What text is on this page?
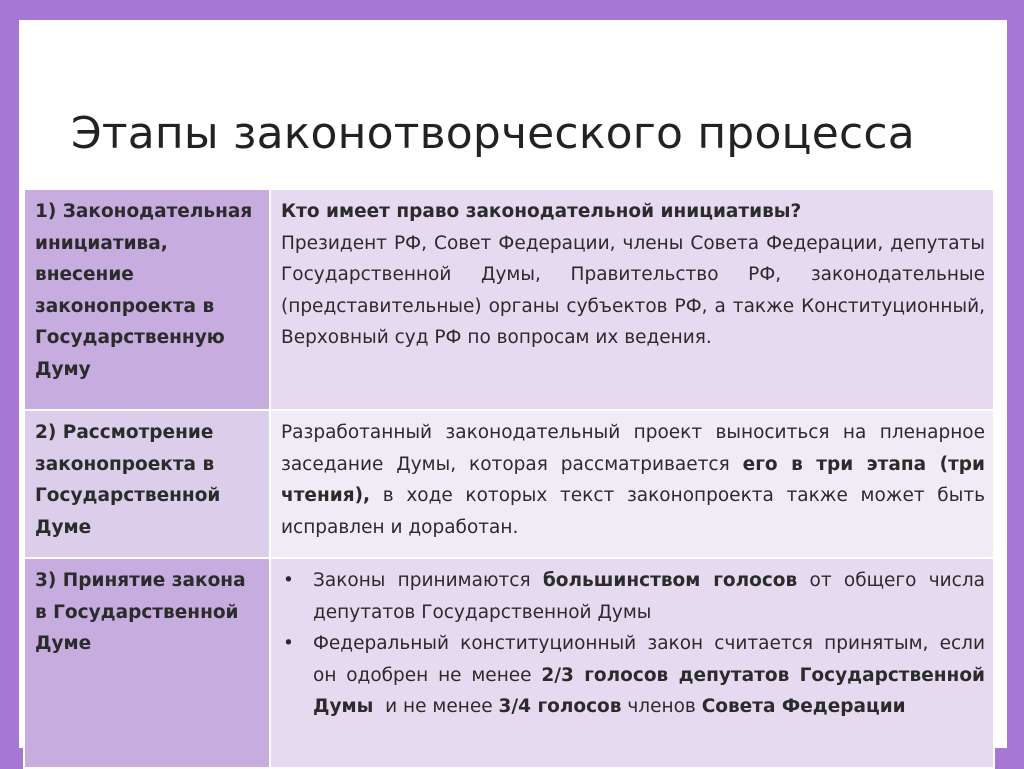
Этапы законотворческого процесса
1) Законодательная инициатива, внесение законопроекта в Государственную Думу	Кто имеет право законодательной инициативы?
Президент РФ, Совет Федерации, члены Совета Федерации, депутаты Государственной Думы, Правительство РФ, законодательные (представительные) органы субъектов РФ, а также Конституционный, Верховный суд РФ по вопросам их ведения.

2) Рассмотрение законопроекта в Государственной Думе	Разработанный законодательный проект выноситься на пленарное заседание Думы, которая рассматривается его в три этапа (три чтения), в ходе которых текст законопроекта также может быть исправлен и доработан.
3) Принятие закона в Государственной Думе	• Законы принимаются большинством голосов от общего числа депутатов Государственной Думы
• Федеральный конституционный закон считается принятым, если он одобрен не менее 2/3 голосов депутатов Государственной Думы  и не менее 3/4 голосов членов Совета Федерации
